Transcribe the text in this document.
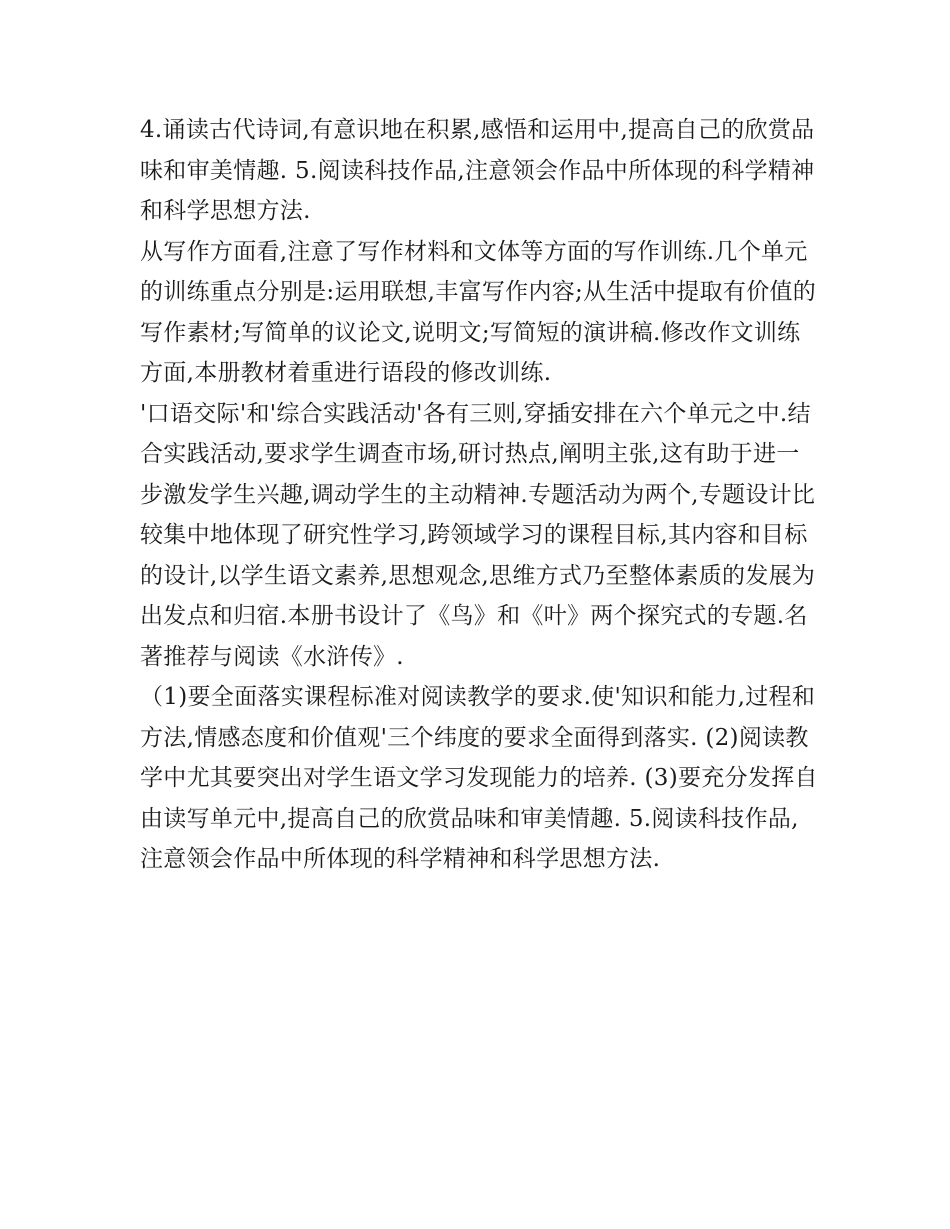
4.诵读古代诗词,有意识地在积累,感悟和运用中,提高自己的欣赏品味和审美情趣. 5.阅读科技作品,注意领会作品中所体现的科学精神和科学思想方法.

从写作方面看,注意了写作材料和文体等方面的写作训练.几个单元的训练重点分别是:运用联想,丰富写作内容;从生活中提取有价值的写作素材;写简单的议论文,说明文;写简短的演讲稿.修改作文训练方面,本册教材着重进行语段的修改训练.

'口语交际'和'综合实践活动'各有三则,穿插安排在六个单元之中.结合实践活动,要求学生调查市场,研讨热点,阐明主张,这有助于进一步激发学生兴趣,调动学生的主动精神.专题活动为两个,专题设计比较集中地体现了研究性学习,跨领域学习的课程目标,其内容和目标的设计,以学生语文素养,思想观念,思维方式乃至整体素质的发展为出发点和归宿.本册书设计了《鸟》和《叶》两个探究式的专题.名著推荐与阅读《水浒传》.

（1)要全面落实课程标准对阅读教学的要求.使'知识和能力,过程和方法,情感态度和价值观'三个纬度的要求全面得到落实. (2)阅读教学中尤其要突出对学生语文学习发现能力的培养. (3)要充分发挥自由读写单元中,提高自己的欣赏品味和审美情趣. 5.阅读科技作品,注意领会作品中所体现的科学精神和科学思想方法.
